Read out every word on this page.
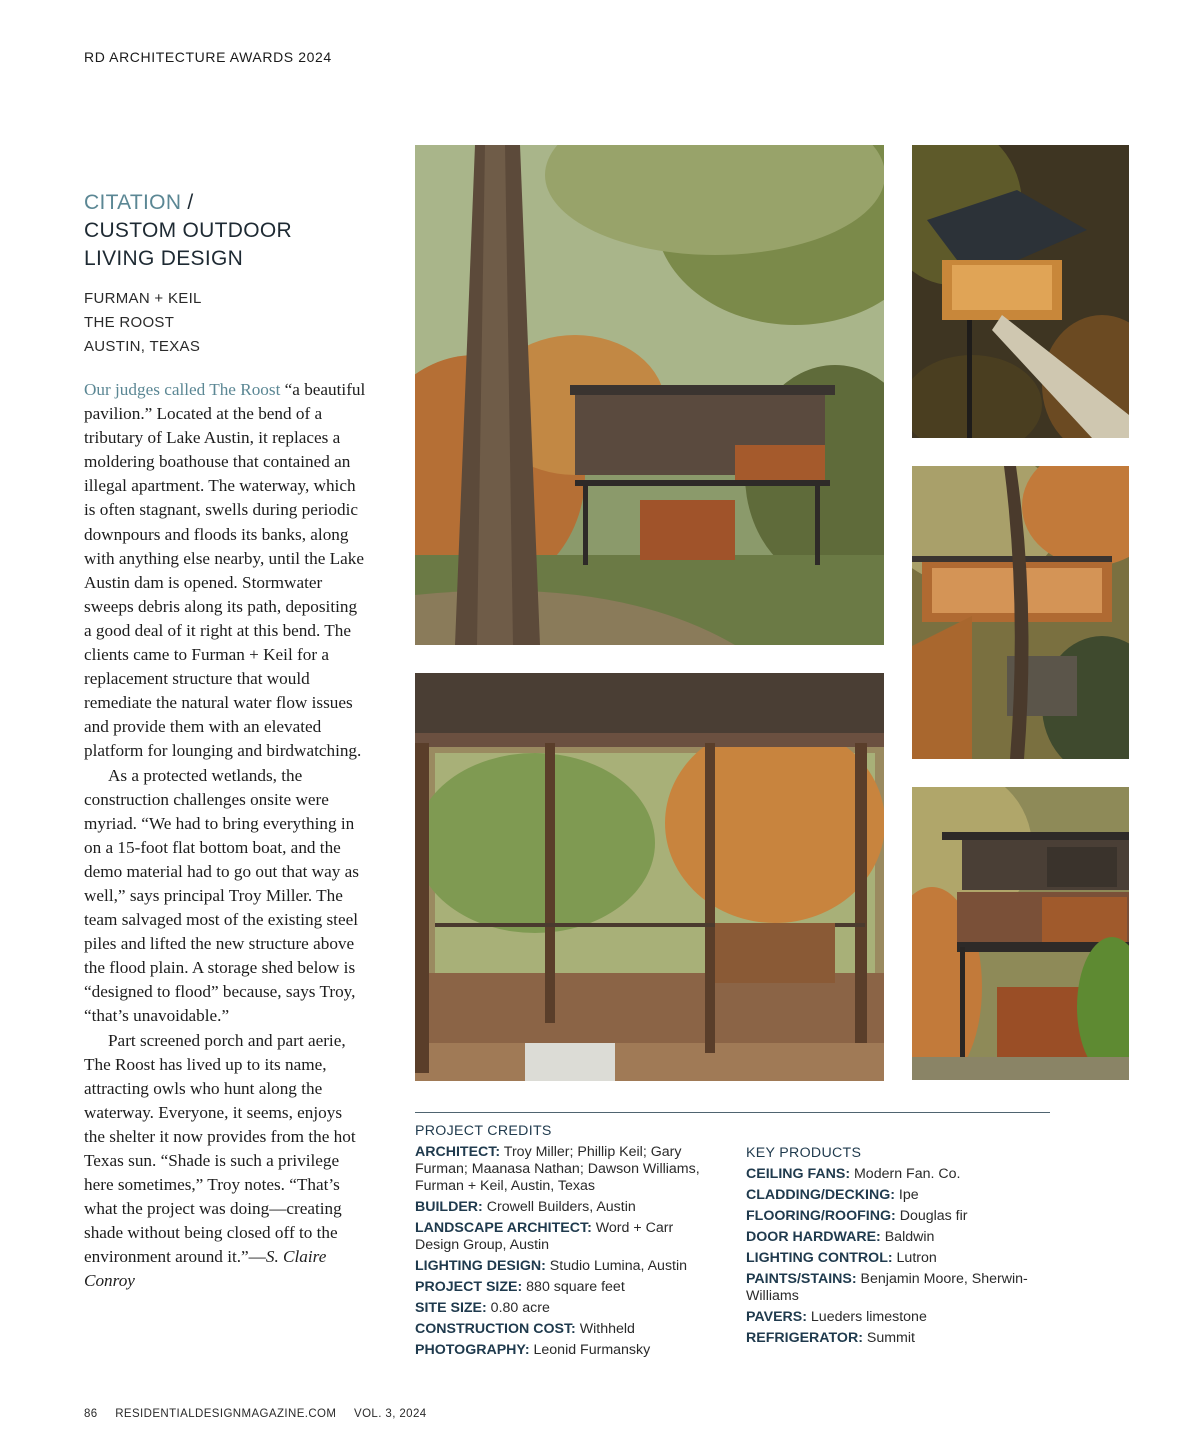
RD ARCHITECTURE AWARDS 2024
CITATION /
CUSTOM OUTDOOR
LIVING DESIGN
FURMAN + KEIL
THE ROOST
AUSTIN, TEXAS

Our judges called The Roost “a beautiful pavilion.” Located at the bend of a tributary of Lake Austin, it replaces a moldering boathouse that contained an illegal apartment. The waterway, which is often stagnant, swells during periodic downpours and floods its banks, along with anything else nearby, until the Lake Austin dam is opened. Stormwater sweeps debris along its path, depositing a good deal of it right at this bend. The clients came to Furman + Keil for a replacement structure that would remediate the natural water flow issues and provide them with an elevated platform for lounging and birdwatching.

As a protected wetlands, the construction challenges onsite were myriad. “We had to bring everything in on a 15-foot flat bottom boat, and the demo material had to go out that way as well,” says principal Troy Miller. The team salvaged most of the existing steel piles and lifted the new structure above the flood plain. A storage shed below is “designed to flood” because, says Troy, “that’s unavoidable.”

Part screened porch and part aerie, The Roost has lived up to its name, attracting owls who hunt along the waterway. Everyone, it seems, enjoys the shelter it now provides from the hot Texas sun. “Shade is such a privilege here sometimes,” Troy notes. “That’s what the project was doing—creating shade without being closed off to the environment around it.”—S. Claire Conroy

PROJECT CREDITS
ARCHITECT: Troy Miller; Phillip Keil; Gary Furman; Maanasa Nathan; Dawson Williams, Furman + Keil, Austin, Texas
BUILDER: Crowell Builders, Austin
LANDSCAPE ARCHITECT: Word + Carr Design Group, Austin
LIGHTING DESIGN: Studio Lumina, Austin
PROJECT SIZE: 880 square feet
SITE SIZE: 0.80 acre
CONSTRUCTION COST: Withheld
PHOTOGRAPHY: Leonid Furmansky
KEY PRODUCTS
CEILING FANS: Modern Fan. Co.
CLADDING/DECKING: Ipe
FLOORING/ROOFING: Douglas fir
DOOR HARDWARE: Baldwin
LIGHTING CONTROL: Lutron
PAINTS/STAINS: Benjamin Moore, Sherwin-Williams
PAVERS: Lueders limestone
REFRIGERATOR: Summit
86 RESIDENTIALDESIGNMAGAZINE.COM VOL. 3, 2024
